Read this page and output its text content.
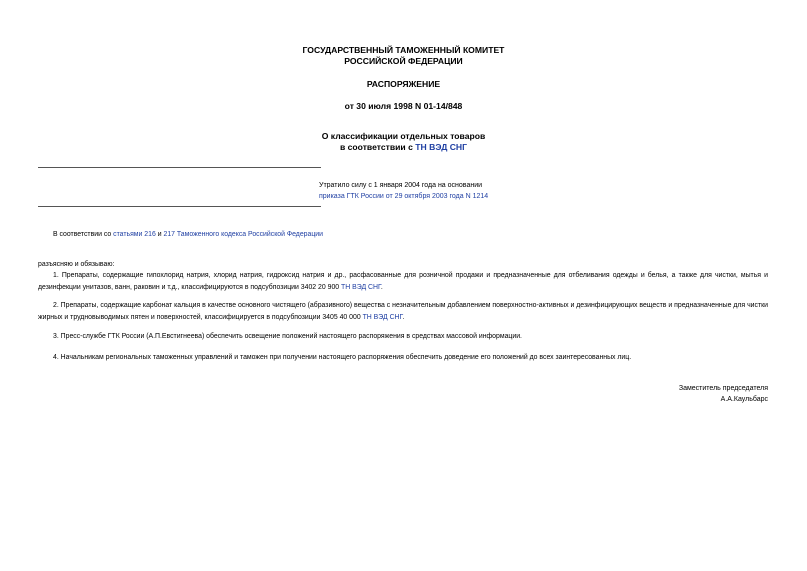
ГОСУДАРСТВЕННЫЙ ТАМОЖЕННЫЙ КОМИТЕТ
РОССИЙСКОЙ ФЕДЕРАЦИИ
РАСПОРЯЖЕНИЕ
от 30 июля 1998 N 01-14/848
О классификации отдельных товаров
в соответствии с ТН ВЭД СНГ
Утратило силу с 1 января 2004 года на основании
приказа ГТК России от 29 октября 2003 года N 1214
В соответствии со статьями 216 и 217 Таможенного кодекса Российской Федерации
разъясняю и обязываю:
1. Препараты, содержащие гипохлорид натрия, хлорид натрия, гидроксид натрия и др., расфасованные для розничной продажи и предназначенные для отбеливания одежды и белья, а также для чистки, мытья и дезинфекции унитазов, ванн, раковин и т.д., классифицируются в подсубпозиции 3402 20 900 ТН ВЭД СНГ.
2. Препараты, содержащие карбонат кальция в качестве основного чистящего (абразивного) вещества с незначительным добавлением поверхностно-активных и дезинфицирующих веществ и предназначенные для чистки жирных и трудновыводимых пятен и поверхностей, классифицируется в подсубпозиции 3405 40 000 ТН ВЭД СНГ.
3. Пресс-службе ГТК России (А.П.Евстигнеева) обеспечить освещение положений настоящего распоряжения в средствах массовой информации.
4. Начальникам региональных таможенных управлений и таможен при получении настоящего распоряжения обеспечить доведение его положений до всех заинтересованных лиц.
Заместитель председателя
А.А.Каульбарс
